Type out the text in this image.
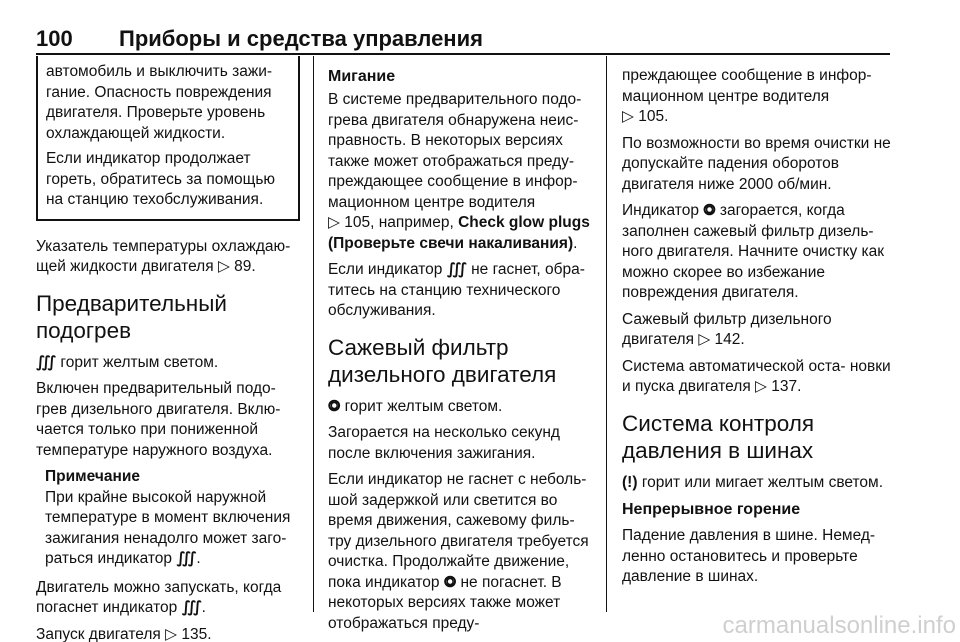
100 Приборы и средства управления

автомобиль и выключить зажи- гание. Опасность повреждения двигателя. Проверьте уровень охлаждающей жидкости.

Если индикатор продолжает гореть, обратитесь за помощью на станцию техобслуживания.

Указатель температуры охлаждаю- щей жидкости двигателя ▷ 89.

Предварительный подогрев

∭ горит желтым светом.

Включен предварительный подо- грев дизельного двигателя. Вклю- чается только при пониженной температуре наружного воздуха.

Примечание

При крайне высокой наружной температуре в момент включения зажигания ненадолго может заго- раться индикатор ∭.

Двигатель можно запускать, когда погаснет индикатор ∭.

Запуск двигателя ▷ 135.

Мигание

В системе предварительного подо- грева двигателя обнаружена неис- правность. В некоторых версиях также может отображаться преду- преждающее сообщение в инфор- мационном центре водителя
▷ 105, например, Check glow plugs (Проверьте свечи накаливания).

Если индикатор ∭ не гаснет, обра- титесь на станцию технического обслуживания.

Сажевый фильтр дизельного двигателя

⭗ горит желтым светом.

Загорается на несколько секунд после включения зажигания.

Если индикатор не гаснет с неболь- шой задержкой или светится во время движения, сажевому филь- тру дизельного двигателя требуется очистка. Продолжайте движение, пока индикатор ⭗ не погаснет. В некоторых версиях также может отображаться преду-

преждающее сообщение в инфор- мационном центре водителя
▷ 105.

По возможности во время очистки не допускайте падения оборотов двигателя ниже 2000 об/мин.

Индикатор ⭗ загорается, когда заполнен сажевый фильтр дизель- ного двигателя. Начните очистку как можно скорее во избежание повреждения двигателя.

Сажевый фильтр дизельного двигателя ▷ 142.

Система автоматической оста- новки и пуска двигателя ▷ 137.

Система контроля давления в шинах

(!) горит или мигает желтым светом.

Непрерывное горение

Падение давления в шине. Немед- ленно остановитесь и проверьте давление в шинах.

carmanualsonline.info
